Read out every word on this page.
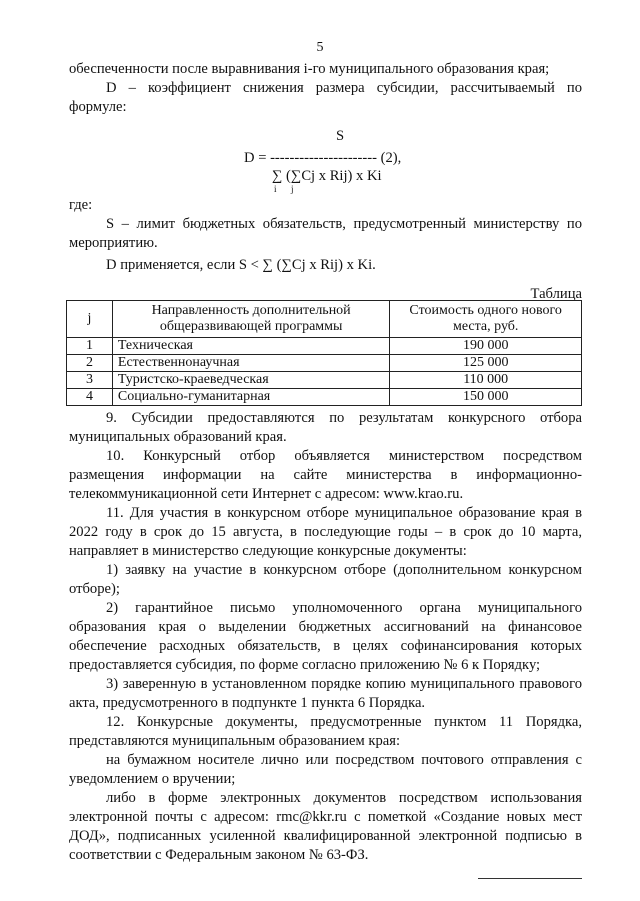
5

обеспеченности после выравнивания i-го муниципального образования края;

D – коэффициент снижения размера субсидии, рассчитываемый по формуле:

S
D = ---------------------- (2),
∑ (∑Cj x Rij) x Ki
i j

где:

S – лимит бюджетных обязательств, предусмотренный министерству по мероприятию.

D применяется, если S < ∑ (∑Cj x Rij) x Ki.

Таблица
j	Направленность дополнительной общеразвивающей программы	Стоимость одного нового места, руб.
1	Техническая	190 000
2	Естественнонаучная	125 000
3	Туристско-краеведческая	110 000
4	Социально-гуманитарная	150 000

9. Субсидии предоставляются по результатам конкурсного отбора муниципальных образований края.

10. Конкурсный отбор объявляется министерством посредством размещения информации на сайте министерства в информационно-телекоммуникационной сети Интернет с адресом: www.krao.ru.

11. Для участия в конкурсном отборе муниципальное образование края в 2022 году в срок до 15 августа, в последующие годы – в срок до 10 марта, направляет в министерство следующие конкурсные документы:

1) заявку на участие в конкурсном отборе (дополнительном конкурсном отборе);

2) гарантийное письмо уполномоченного органа муниципального образования края о выделении бюджетных ассигнований на финансовое обеспечение расходных обязательств, в целях софинансирования которых предоставляется субсидия, по форме согласно приложению № 6 к Порядку;

3) заверенную в установленном порядке копию муниципального правового акта, предусмотренного в подпункте 1 пункта 6 Порядка.

12. Конкурсные документы, предусмотренные пунктом 11 Порядка, представляются муниципальным образованием края:

на бумажном носителе лично или посредством почтового отправления с уведомлением о вручении;

либо в форме электронных документов посредством использования электронной почты с адресом: rmc@kkr.ru с пометкой «Создание новых мест ДОД», подписанных усиленной квалифицированной электронной подписью в соответствии с Федеральным законом № 63-ФЗ.
